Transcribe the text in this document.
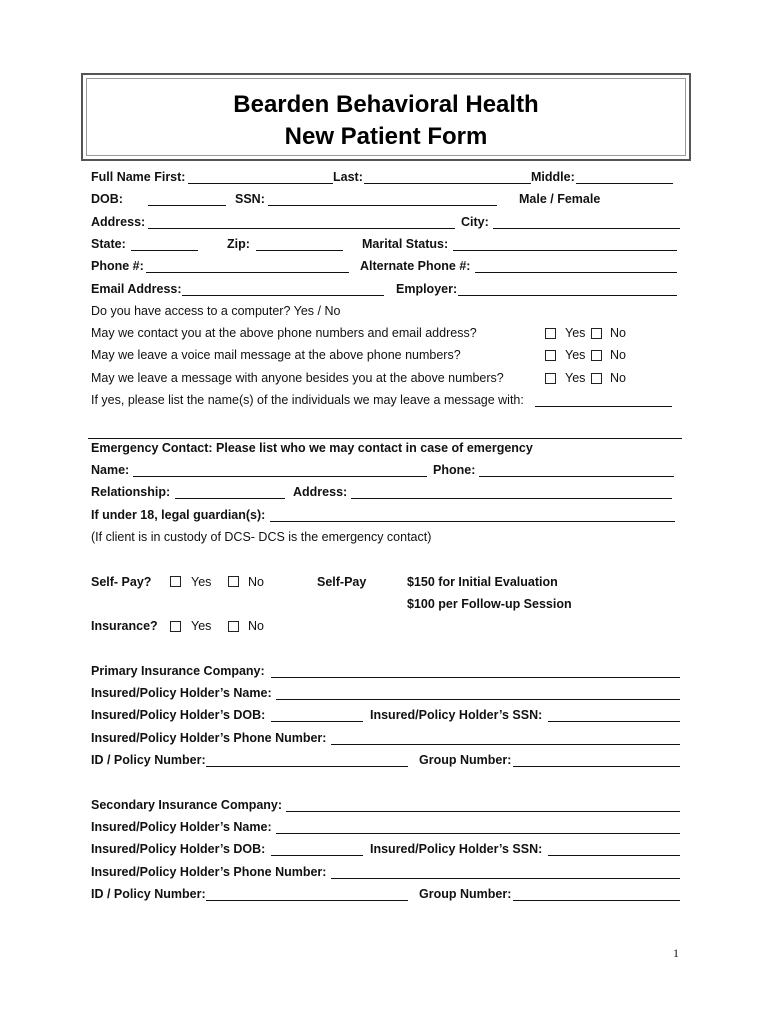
Bearden Behavioral Health
New Patient Form
Full Name First:	Last:	Middle:
DOB:	SSN:	Male / Female
Address:	City:
State:	Zip:	Marital Status:
Phone #:	Alternate Phone #:
Email Address:	Employer:
Do you have access to a computer? Yes / No
May we contact you at the above phone numbers and email address?	Yes No
May we leave a voice mail message at the above phone numbers?	Yes No
May we leave a message with anyone besides you at the above numbers?	Yes No
If yes, please list the name(s) of the individuals we may leave a message with:
Emergency Contact: Please list who we may contact in case of emergency
Name:	Phone:
Relationship:	Address:
If under 18, legal guardian(s):
(If client is in custody of DCS- DCS is the emergency contact)
Self- Pay?	Yes	No	Self-Pay	$150 for Initial Evaluation
$100 per Follow-up Session
Insurance?	Yes	No
Primary Insurance Company:
Insured/Policy Holder’s Name:
Insured/Policy Holder’s DOB:	Insured/Policy Holder’s SSN:
Insured/Policy Holder’s Phone Number:
ID / Policy Number:	Group Number:
Secondary Insurance Company:
Insured/Policy Holder’s Name:
Insured/Policy Holder’s DOB:	Insured/Policy Holder’s SSN:
Insured/Policy Holder’s Phone Number:
ID / Policy Number:	Group Number:
1
